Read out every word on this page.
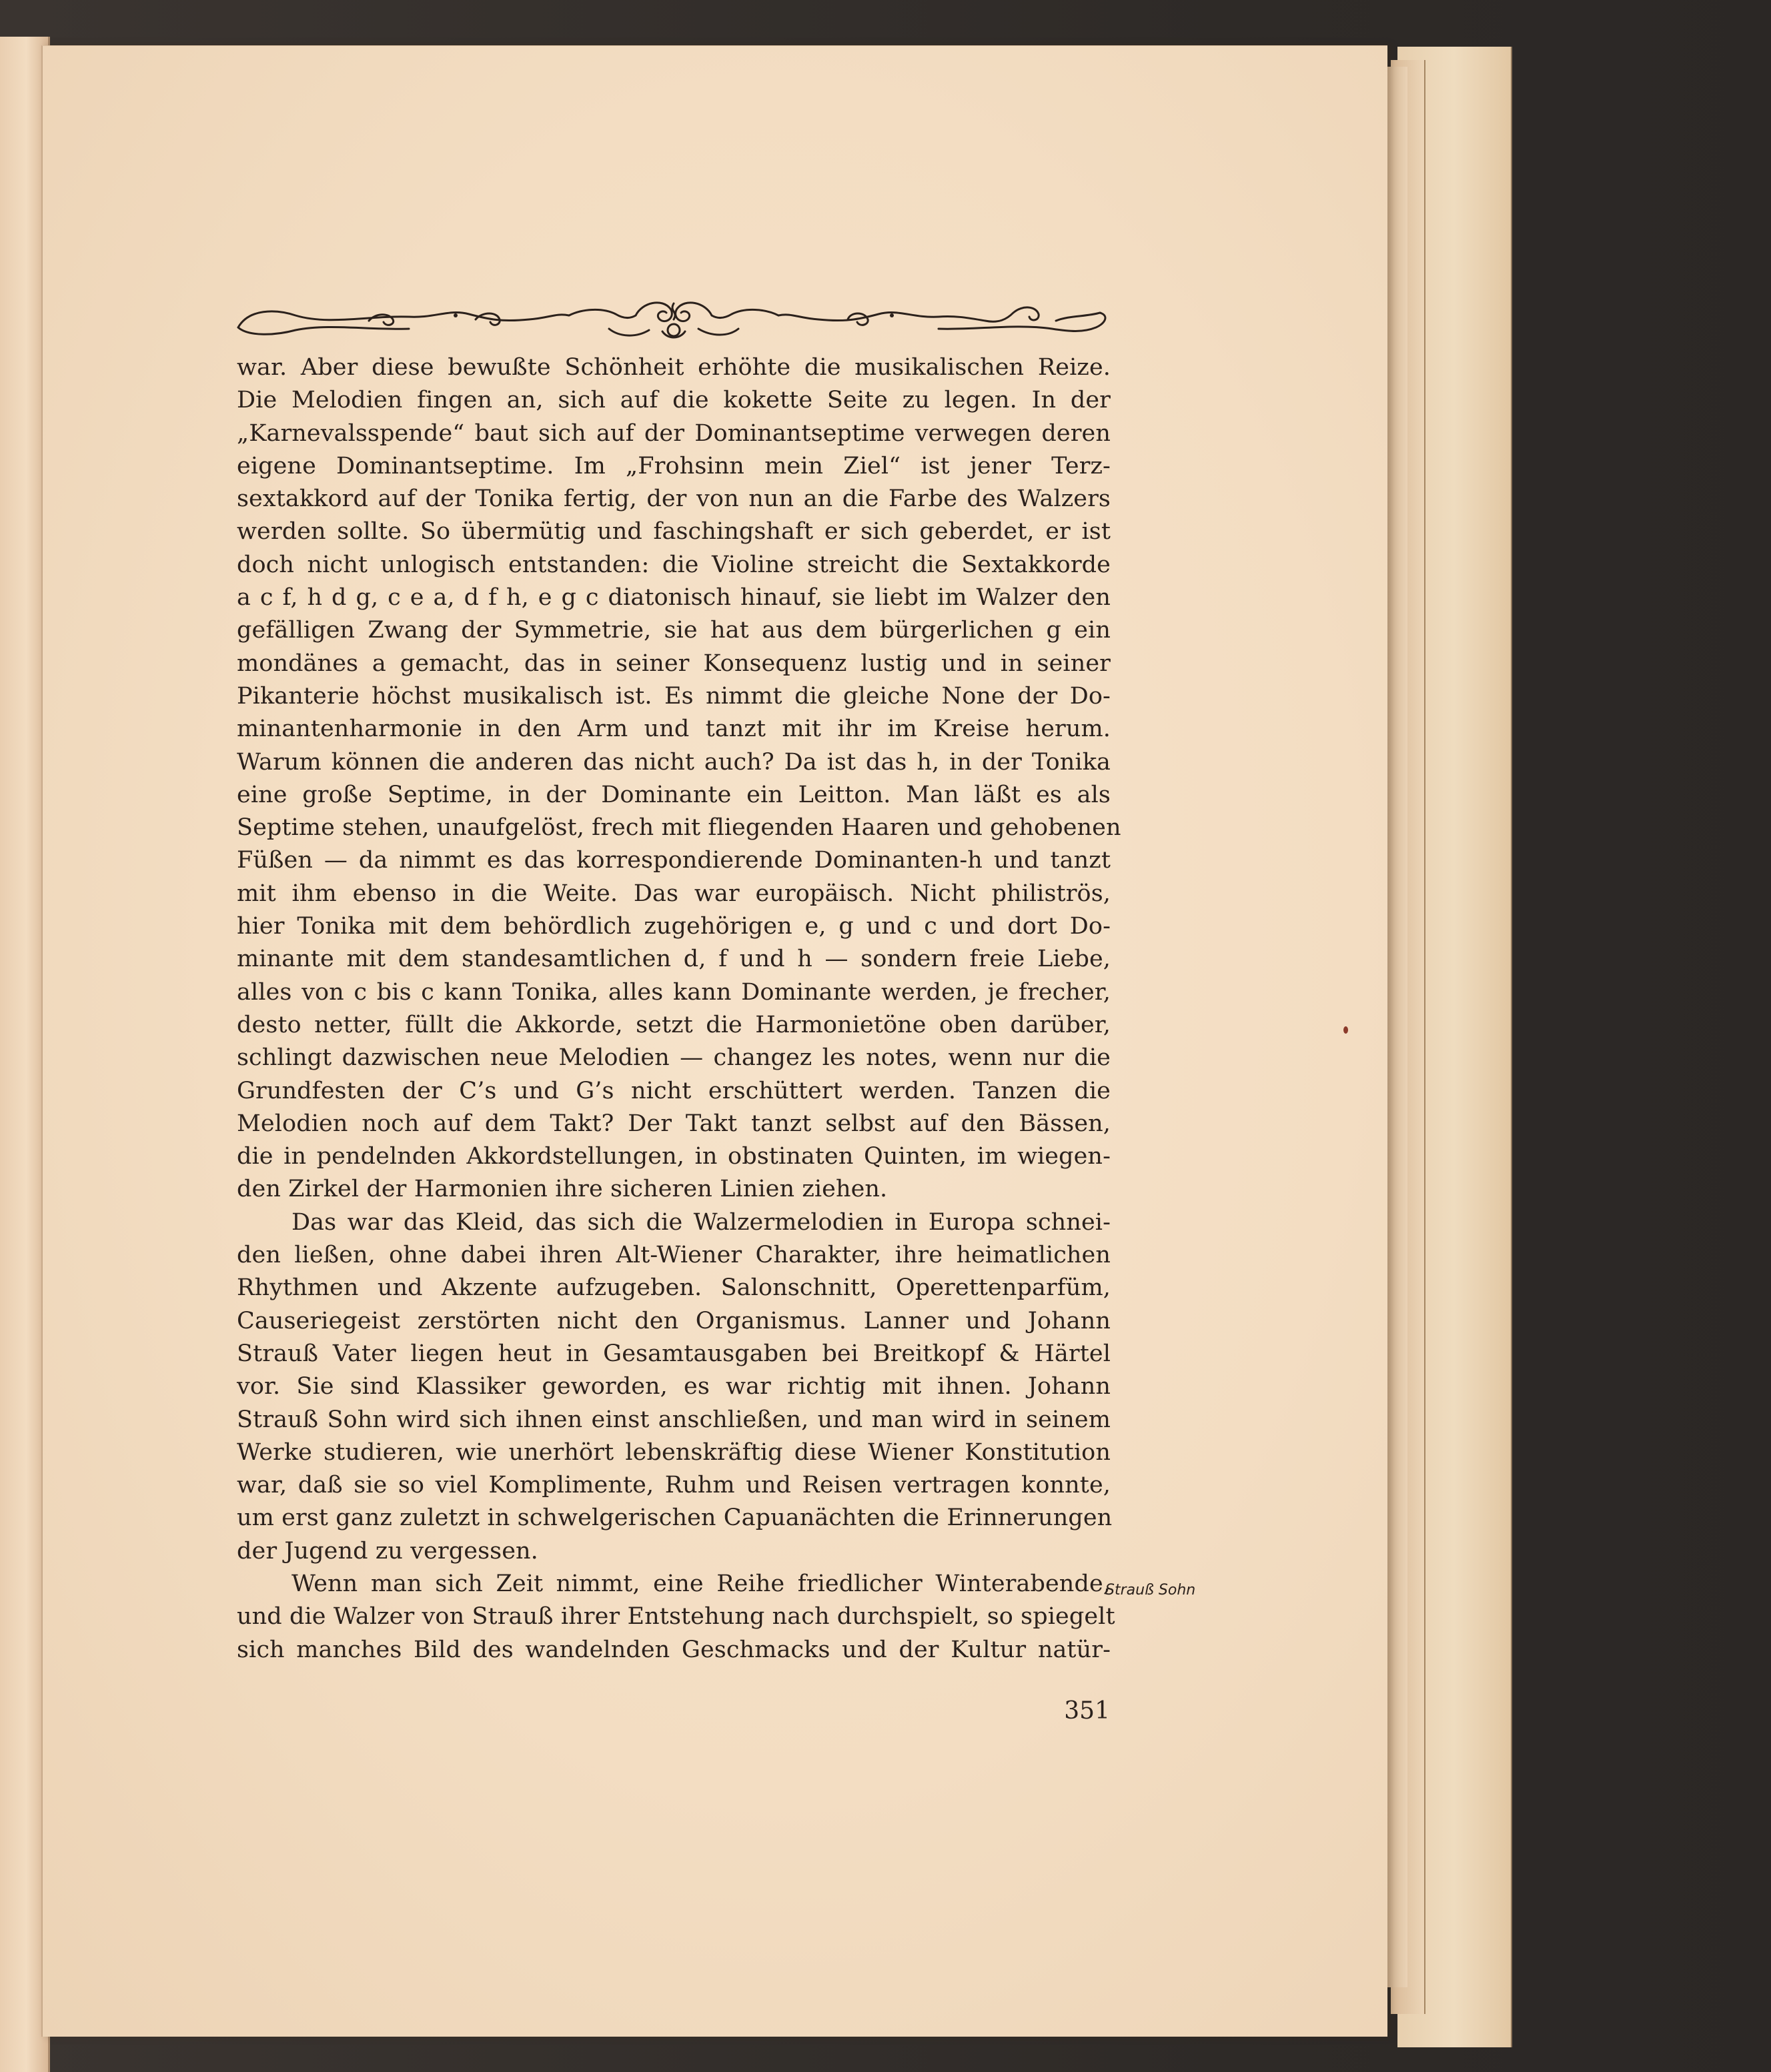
war. Aber diese bewußte Schönheit erhöhte die musikalischen Reize.
Die Melodien fingen an, sich auf die kokette Seite zu legen. In der
„Karnevalsspende“ baut sich auf der Dominantseptime verwegen deren
eigene Dominantseptime. Im „Frohsinn mein Ziel“ ist jener Terz-
sextakkord auf der Tonika fertig, der von nun an die Farbe des Walzers
werden sollte. So übermütig und faschingshaft er sich geberdet, er ist
doch nicht unlogisch entstanden: die Violine streicht die Sextakkorde
a c f, h d g, c e a, d f h, e g c diatonisch hinauf, sie liebt im Walzer den
gefälligen Zwang der Symmetrie, sie hat aus dem bürgerlichen g ein
mondänes a gemacht, das in seiner Konsequenz lustig und in seiner
Pikanterie höchst musikalisch ist. Es nimmt die gleiche None der Do-
minantenharmonie in den Arm und tanzt mit ihr im Kreise herum.
Warum können die anderen das nicht auch? Da ist das h, in der Tonika
eine große Septime, in der Dominante ein Leitton. Man läßt es als
Septime stehen, unaufgelöst, frech mit fliegenden Haaren und gehobenen
Füßen — da nimmt es das korrespondierende Dominanten-h und tanzt
mit ihm ebenso in die Weite. Das war europäisch. Nicht philiströs,
hier Tonika mit dem behördlich zugehörigen e, g und c und dort Do-
minante mit dem standesamtlichen d, f und h — sondern freie Liebe,
alles von c bis c kann Tonika, alles kann Dominante werden, je frecher,
desto netter, füllt die Akkorde, setzt die Harmonietöne oben darüber,
schlingt dazwischen neue Melodien — changez les notes, wenn nur die
Grundfesten der C’s und G’s nicht erschüttert werden. Tanzen die
Melodien noch auf dem Takt? Der Takt tanzt selbst auf den Bässen,
die in pendelnden Akkordstellungen, in obstinaten Quinten, im wiegen-
den Zirkel der Harmonien ihre sicheren Linien ziehen.
Das war das Kleid, das sich die Walzermelodien in Europa schnei-
den ließen, ohne dabei ihren Alt-Wiener Charakter, ihre heimatlichen
Rhythmen und Akzente aufzugeben. Salonschnitt, Operettenparfüm,
Causeriegeist zerstörten nicht den Organismus. Lanner und Johann
Strauß Vater liegen heut in Gesamtausgaben bei Breitkopf & Härtel
vor. Sie sind Klassiker geworden, es war richtig mit ihnen. Johann
Strauß Sohn wird sich ihnen einst anschließen, und man wird in seinem
Werke studieren, wie unerhört lebenskräftig diese Wiener Konstitution
war, daß sie so viel Komplimente, Ruhm und Reisen vertragen konnte,
um erst ganz zuletzt in schwelgerischen Capuanächten die Erinnerungen
der Jugend zu vergessen.
Wenn man sich Zeit nimmt, eine Reihe friedlicher Winterabende,
und die Walzer von Strauß ihrer Entstehung nach durchspielt, so spiegelt
sich manches Bild des wandelnden Geschmacks und der Kultur natür-
Strauß Sohn
351
